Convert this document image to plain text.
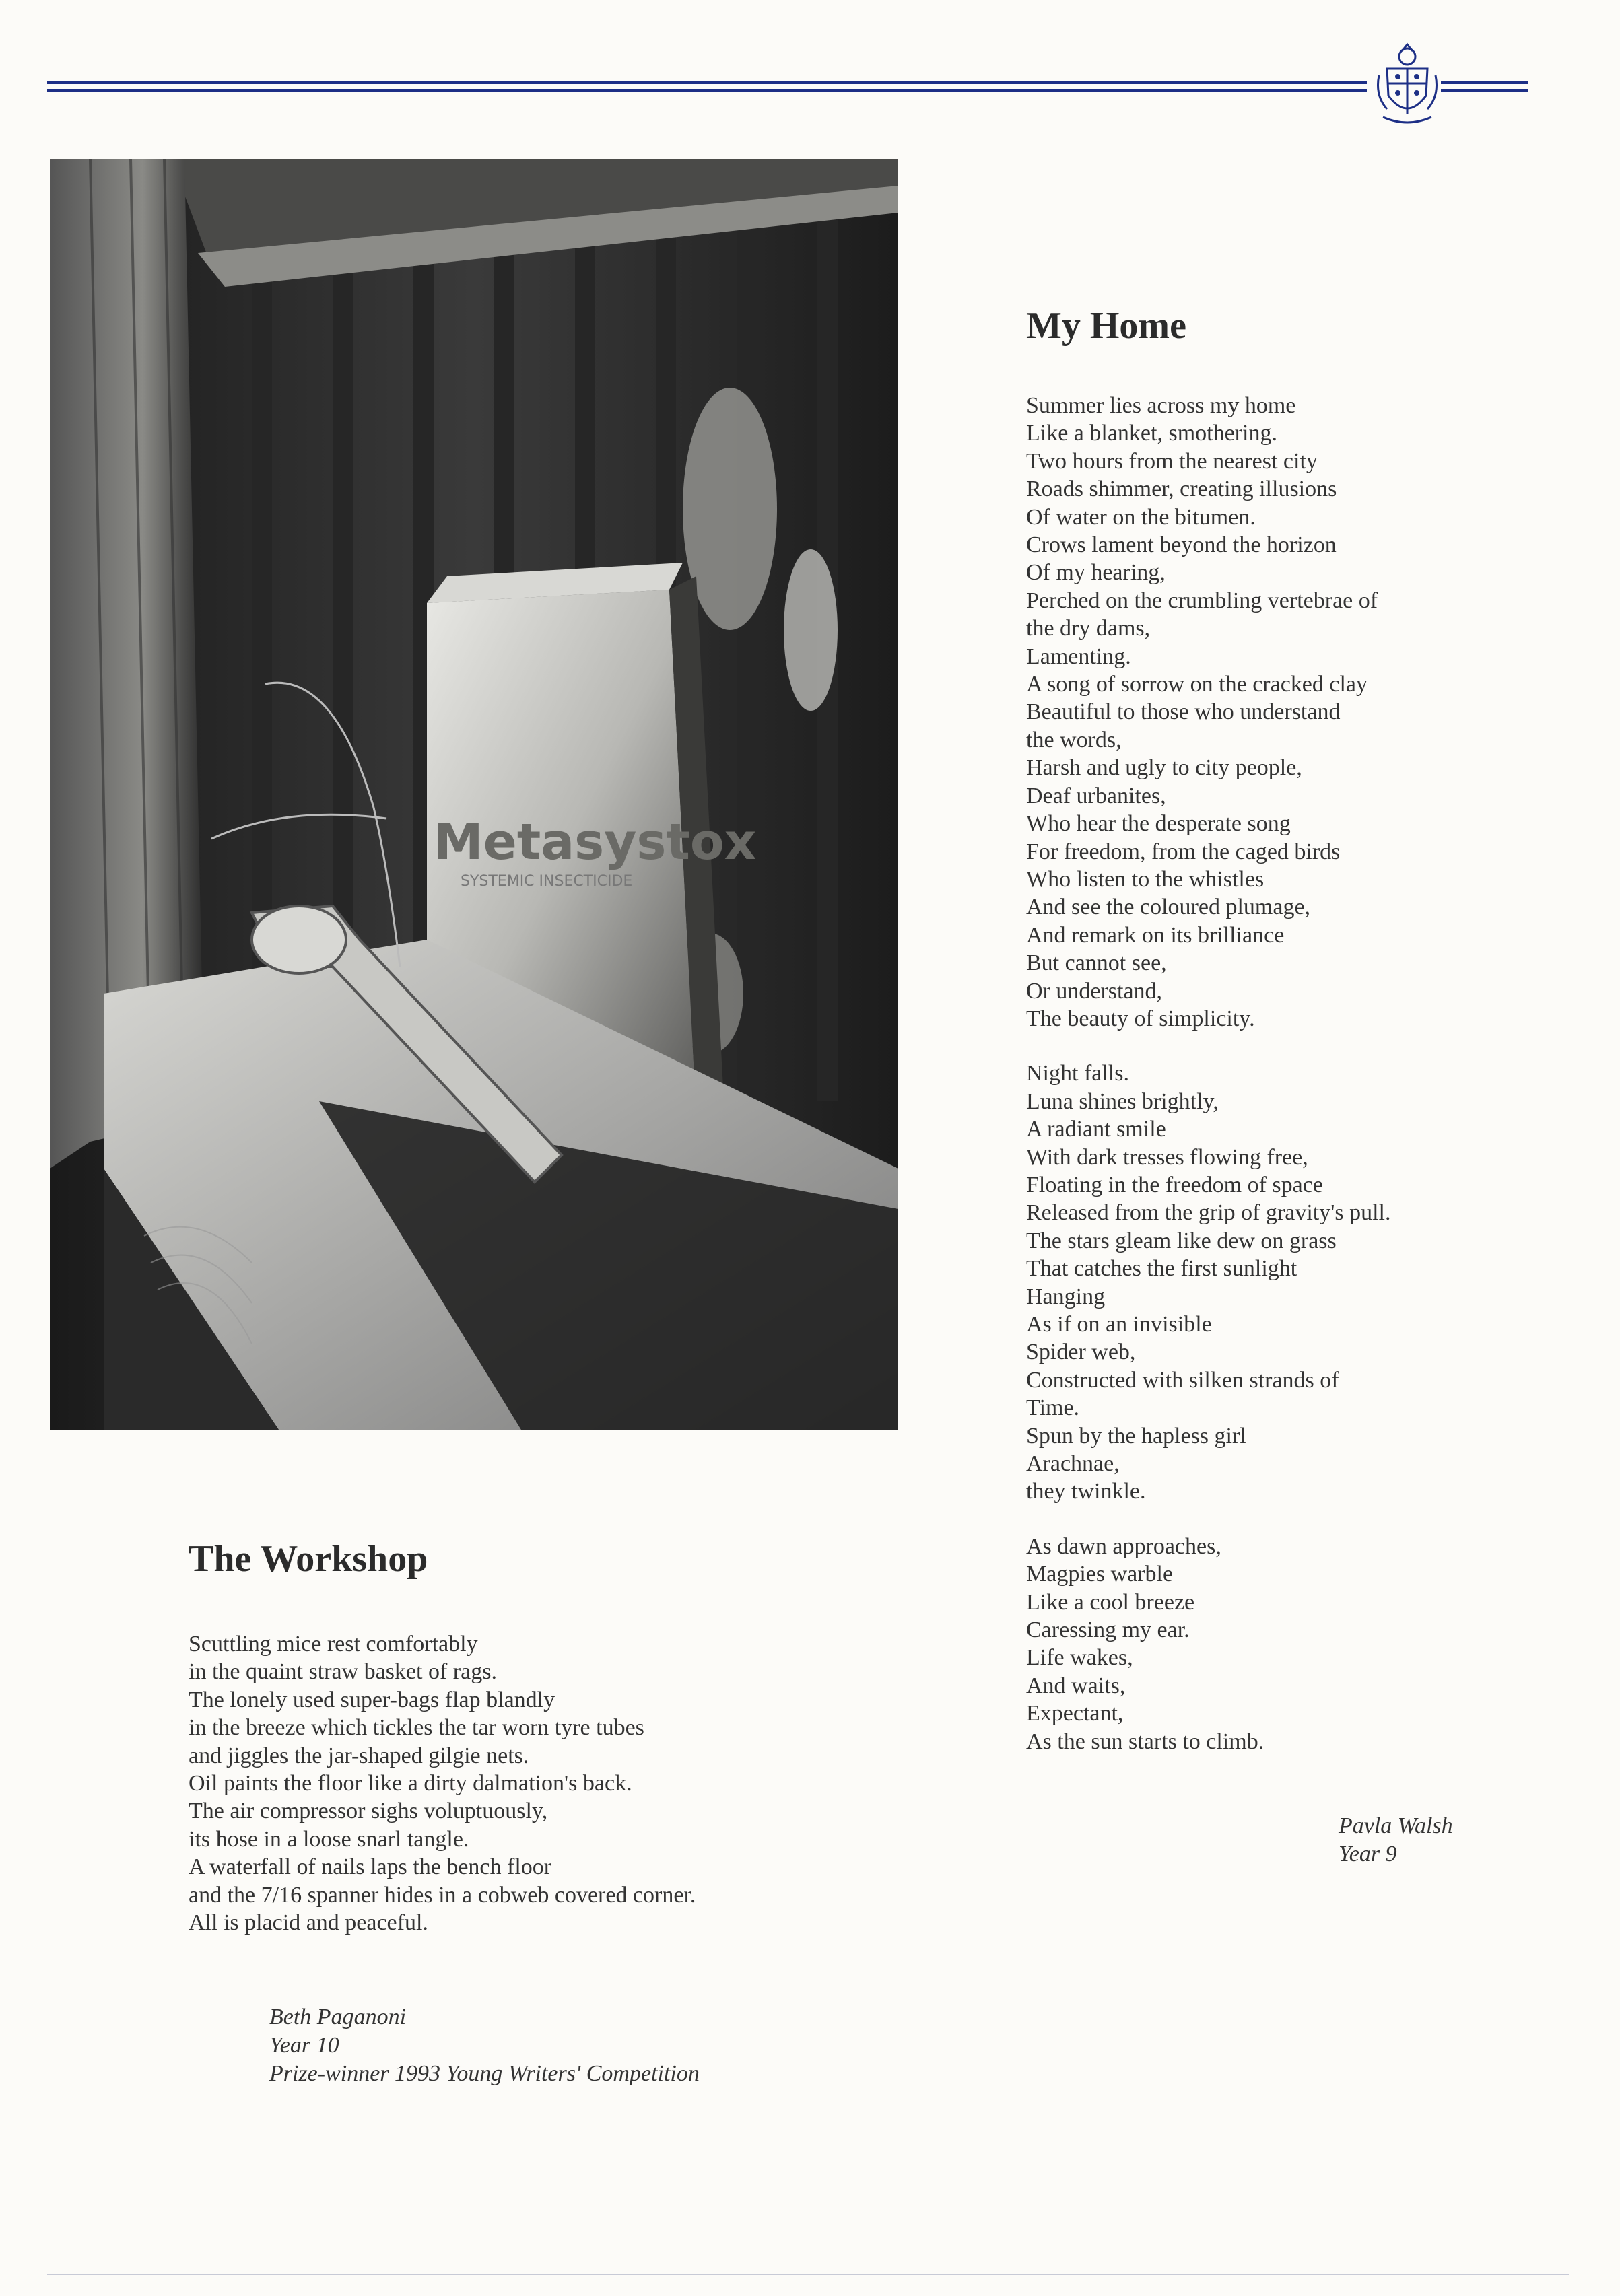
Metasystox
SYSTEMIC INSECTICIDE
The Workshop

Scuttling mice rest comfortably

in the quaint straw basket of rags.

The lonely used super-bags flap blandly

in the breeze which tickles the tar worn tyre tubes

and jiggles the jar-shaped gilgie nets.

Oil paints the floor like a dirty dalmation's back.

The air compressor sighs voluptuously,

its hose in a loose snarl tangle.

A waterfall of nails laps the bench floor

and the 7/16 spanner hides in a cobweb covered corner.

All is placid and peaceful.

Beth Paganoni

Year 10

Prize-winner 1993 Young Writers' Competition

My Home

Summer lies across my home

Like a blanket, smothering.

Two hours from the nearest city

Roads shimmer, creating illusions

Of water on the bitumen.

Crows lament beyond the horizon

Of my hearing,

Perched on the crumbling vertebrae of

the dry dams,

Lamenting.

A song of sorrow on the cracked clay

Beautiful to those who understand

the words,

Harsh and ugly to city people,

Deaf urbanites,

Who hear the desperate song

For freedom, from the caged birds

Who listen to the whistles

And see the coloured plumage,

And remark on its brilliance

But cannot see,

Or understand,

The beauty of simplicity.

Night falls.

Luna shines brightly,

A radiant smile

With dark tresses flowing free,

Floating in the freedom of space

Released from the grip of gravity's pull.

The stars gleam like dew on grass

That catches the first sunlight

Hanging

As if on an invisible

Spider web,

Constructed with silken strands of

Time.

Spun by the hapless girl

Arachnae,

they twinkle.

As dawn approaches,

Magpies warble

Like a cool breeze

Caressing my ear.

Life wakes,

And waits,

Expectant,

As the sun starts to climb.

Pavla Walsh

Year 9
